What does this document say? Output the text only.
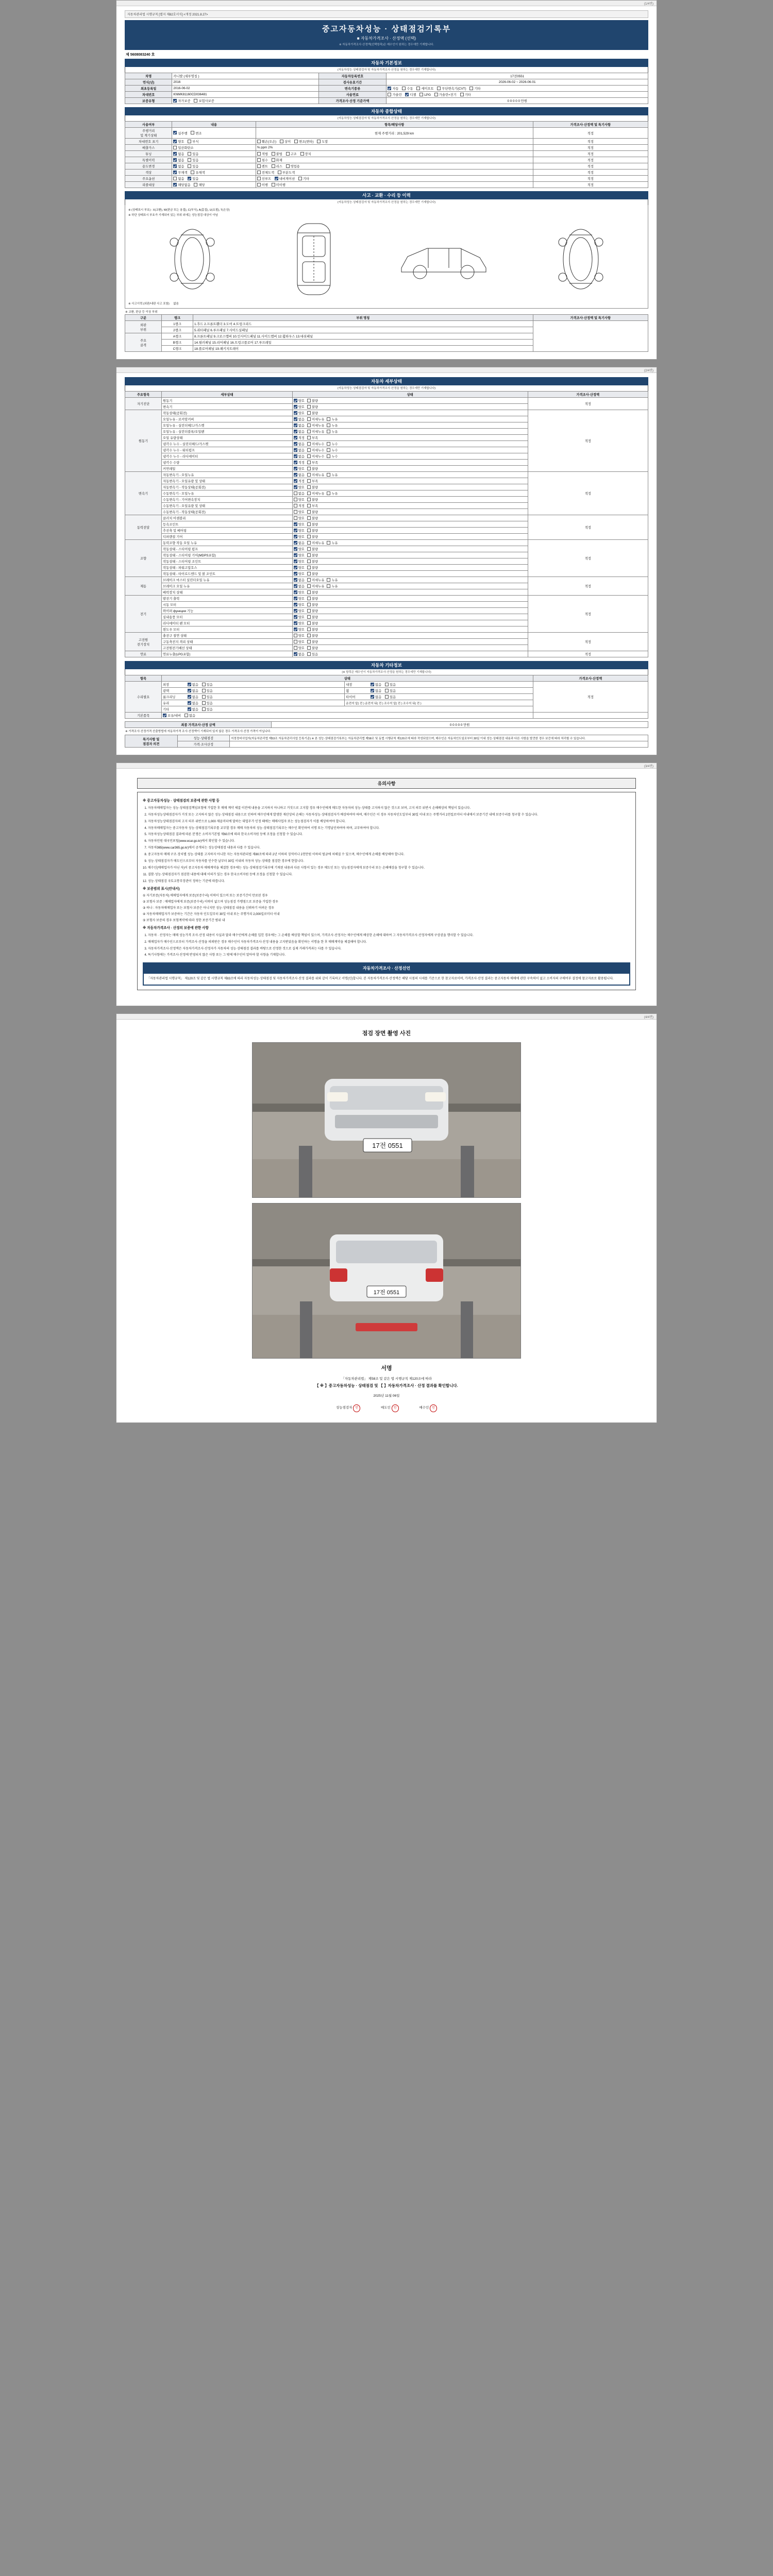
(1/4면)
자동차관리법 시행규칙 [별지 제82호서식] <개정 2021.8.27>
중고자동차성능 · 상태점검기록부
■ 자동차가격조사 · 산정액 (선택)
※ 자동차가격조사·산정액(선택항목)은 매수인이 원하는 경우에만 기재합니다.
제 5608083240 호
자동차 기본정보
(자동차성능·상태점검자 및 자동차가격조사·산정을 원하는 경우에만 기재합니다)
차명	카니발 (세부명칭 )	자동차등록번호	17전0551
연식(년)	2016	검사유효기간	2026-06-02 ~ 2026-06-01
최초등록일	2016-06-02	변속기종류	자동 수동 세미오토 무단변속기(CVT) 기타
차대번호	KNMK81160CD036481	사용연료	가솔린 디젤 LPG 가솔린+전기 기타
보증유형	자가보증 보험사보증	가격조사·산정 기준가액	0 0 0 0 0 만원
자동차 종합상태
(자동차성능·상태점검자 및 자동차가격조사·산정을 원하는 경우에만 기재합니다)
사용여부	내용	항목/해당사항	가격조사·산정액 및 특기사항
주행거리
및 계기상태	실주행 변조	현재 주행거리 : 201,529 km	적정
차대번호 표기	양호 부식	훼손(오손) 상이 변조(변타) 도말	적정
배출가스	일산화탄소	% ppm 2%	적정
튜닝	없음 있음	적법 불법 구조 장치	적정
특별이력	없음 있음	침수 화재	적정
용도변경	없음 있음	렌트 리스 영업용	적정
색상	무채색 유채색	전체도색 부분도색	적정
주요옵션	없음 있음	선루프 내비게이션 기타	적정
리콜대상	해당없음 해당	이행 미이행	적정
사고 · 교환 · 수리 등 이력
(자동차성능·상태점검자 및 자동차가격조사·산정을 원하는 경우에만 기재합니다)
※ (상태표시 부호) : X(교환), W(판금 또는 용접), C(부식), A(흠집), U(요철), T(손상)
※ 하단 상태표시 부호가 기재되어 있는 부위 외에는 성능점검 대상이 아님
※ 사고이력 (외판/내판 사고 포함) 없음
※ 교환, 판금 등 이상 부위
구분	랭크	부위 명칭	가격조사·산정액 및 특기사항
외판
부위	1랭크	1.후드 2.프론트휀더 3.도어 4.트렁크리드	
	2랭크	5.쿼터패널 6.루프패널 7.사이드실패널	
주요
골격	A랭크	8.프론트패널 9.크로스멤버 10.인사이드패널 11.사이드멤버 12.휠하우스 13.대쉬패널	
	B랭크	14.필러패널 15.리어패널 16.트렁크플로어 17.루프레일	
	C랭크	18.플로어패널 19.패키지트레이	
(2/4면)
자동차 세부상태
(자동차성능·상태점검자 및 자동차가격조사·산정을 원하는 경우에만 기재합니다)
주요항목	세부상태	상태	가격조사·산정액
자기진단	원동기	양호 불량	적정
	변속기	양호 불량	
원동기	작동상태(공회전)	양호 불량	적정
	오일누유 - 로커암커버	없음 미세누유 누유	
	오일누유 - 실린더헤드/가스켓	없음 미세누유 누유	
	오일누유 - 실린더블록/오일팬	없음 미세누유 누유	
	오일 유량상태	적정 부족	
	냉각수 누수 - 실린더헤드/가스켓	없음 미세누수 누수	
	냉각수 누수 - 워터펌프	없음 미세누수 누수	
	냉각수 누수 - 라디에이터	없음 미세누수 누수	
	냉각수 수량	적정 부족	
	커먼레일	양호 불량	
변속기	자동변속기 - 오일누유	없음 미세누유 누유	적정
	자동변속기 - 오일유량 및 상태	적정 부족	
	자동변속기 - 작동상태(공회전)	양호 불량	
	수동변속기 - 오일누유	없음 미세누유 누유	
	수동변속기 - 기어변속장치	양호 불량	
	수동변속기 - 오일유량 및 상태	적정 부족	
	수동변속기 - 작동상태(공회전)	양호 불량	
동력전달	클러치 어셈블리	양호 불량	적정
	등속조인트	양호 불량	
	추진축 및 베어링	양호 불량	
	디퍼렌셜 기어	양호 불량	
조향	동력조향 작동 오일 누유	없음 미세누유 누유	적정
	작동상태 - 스티어링 펌프	양호 불량	
	작동상태 - 스티어링 기어(MDPS포함)	양호 불량	
	작동상태 - 스티어링 조인트	양호 불량	
	작동상태 - 파워고압호스	양호 불량	
	작동상태 - 타이로드엔드 및 볼 조인트	양호 불량	
제동	브레이크 마스터 실린더오일 누유	없음 미세누유 누유	적정
	브레이크 오일 누유	없음 미세누유 누유	
	배력장치 상태	양호 불량	
전기	발전기 출력	양호 불량	적정
	시동 모터	양호 불량	
	와이퍼 функции 기능	양호 불량	
	실내송풍 모터	양호 불량	
	라디에이터 팬 모터	양호 불량	
	윈도우 모터	양호 불량	
고전원
전기장치	충전구 절연 상태	양호 불량	적정
	구동축전지 격리 상태	양호 불량	
	고전원전기배선 상태	양호 불량	
연료	연료누출(LPG포함)	없음 있음	적정
자동차 기타정보
(※ 항목은 매수인이 자동차가격조사·산정을 원하는 경우에만 기재합니다)
항목	상태		가격조사·산정액
수리필요	외장 없음 있음	내장 없음 있음	적정
	광택 없음 있음	휠 없음 있음	
	룸크리닝 없음 있음	타이어 없음 있음	
	유리 없음 있음	운전석 앞( 전 ) 운전석 뒤( 전 ) 조수석 앞( 전 ) 조수석 뒤( 전 )	
	기타 없음 있음		
기본품목	보유/내비 없음		
최종 가격조사·산정 금액	0 0 0 0 0 만원
※ 가격조사·산정가격 산출방법에 자동차가격 조사·산정액이 기재되어 있지 않은 경우 가격조사·산정 가격이 아닙니다.
특기사항 및
점검자 의견	성능·상태점검	지정정비사업자(자동차관리법 제53조 자동차관리사업 등록기준) ※ 본 성능·상태점검기록부는 자동차관리법 제58조 및 동법 시행규칙 제120조에 따라 작성되었으며, 매수인은 자동차인도일로부터 30일 이내 성능·상태점검 내용과 다른 사항을 발견한 경우 보증에 따라 처리할 수 있습니다.
	가격·조사산정	
(3/4면)
유의사항
※ 중고자동차성능 · 상태점검의 보증에 관한 사항 등
1. 자동차매매업자는 성능·상태점검책임보험에 가입한 후 매매 계약 체결 이전에 내용을 고지하지 아니하고 거짓으로 고지할 경우 매수인에게 매도한 자동차의 성능·상태를 고지하지 않은 것으로 보며, 고지 의무 위반시 손해배상의 책임이 있습니다.
2. 자동차성능상태점검자가 거짓 또는 고지하지 않은 성능·상태점검 내용으로 인하여 매수인에게 발생한 재산상의 손해는 자동차성능·상태점검자가 배상하여야 하며, 매수인은 이 경우 자동차인도일부터 30일 이내 또는 주행거리 2천킬로미터 이내에서 보증기간 내에 보증수리를 청구할 수 있습니다.
3. 자동차성능상태점검자의 고지 의무 위반으로 1,000 제곱미터에 달하는 대업무가 인정 때에는 매매사업자 또는 성능점검자가 이를 배상하여야 합니다.
4. 자동차매매업자는 중고자동차 성능·상태점검기록부를 교부할 경우 매매 자동차의 성능·상태점검기록부는 매수인 확인하여 서명 또는 기명날인하여야 하며, 교부하여야 합니다.
5. 자동차성능상태점검 결과에 따른 분쟁은 소비자기본법 제60조에 따라 한국소비자원 등에 조정을 신청할 수 있습니다.
6. 자동차민원 대국민포털(www.ecar.go.kr)에서 확인할 수 있습니다.
7. 자동차365(www.car365.go.kr)에서 공개되는 성능상태점검 내용과 다를 수 있습니다.
8. 중고자동차 매매 구조·장치별 성능·상태를 고지하지 아니한 자는 자동차관리법 제80조에 따라 2년 이하의 징역이나 2천만원 이하의 벌금에 처해질 수 있으며, 매수인에게 손해를 배상해야 합니다.
9. 성능·상태점검자가 매도인으로부터 자동차를 인수한 날부터 30일 이내의 자동차 성능·상태를 점검한 경우에 한합니다.
10. 매수인(매매업자가 아닌 자)이 중고자동차 매매계약을 체결한 경우에는 성능·상태점검기록부에 기재된 내용과 다른 사항이 있는 경우 매도인 또는 성능점검자에게 보증수리 또는 손해배상을 청구할 수 있습니다.
11. 결함·성능·상태점검자가 점검한 내용에 대해 이의가 있는 경우 한국소비자원 등에 조정을 신청할 수 있습니다.
12. 성능·상태점검 국토교통부장관이 정하는 기준에 따릅니다.
※ 보증범위 표시(안내서)
① 자기보증(자동차) 매매업자에게 보증(보증수리) 이력이 있으며 또는 보증기간이 만료된 경우
② 보험사 보증 : 매매업자에게 보증(보증수리) 이력이 없으며 성능점검 가맹점으로 보증을 가입한 경우
③ 하나 : 자동차매매업자 또는 보험사 보증은 아니지만 성능·상태점검 내용을 신뢰하기 어려운 경우
④ 자동차매매업자가 보증하는 기간은 자동차 인도일부터 30일 이내 또는 주행거리 2,000킬로미터 이내
⑤ 보험사 보증의 경우 보험계약에 따라 정한 보증기간 범위 내
※ 자동차가격조사 · 산정의 보증에 관한 사항
1. 자동차 · 산정자는 매매 성능가격 조사·산정 내용이 사실과 달라 매수인에게 손해를 입힌 경우에는 그 손해를 배상할 책임이 있으며, 가격조사·산정자는 매수인에게 배상한 손해에 대하여 그 자동차가격조사·산정자에게 구상권을 행사할 수 있습니다.
2. 매매업자가 매수인으로부터 가격조사·산정을 의뢰받은 경우 매수인이 자동차가격조사·산정 내용을 고지받았음을 확인하는 서명을 한 후 매매계약을 체결해야 합니다.
3. 자동차가격조사·산정액은 자동차가격조사·산정자가 자동차의 성능·상태점검 결과를 바탕으로 산정한 것으로 실제 거래가격과는 다를 수 있습니다.
4. 특기사항에는 가격조사·산정에 반영되지 않은 사항 또는 그 밖에 매수인이 알아야 할 사항을 기재합니다.
자동차가격조사 · 산정선언

「자동차관리법 시행규칙」 제120조 및 같은 법 시행규칙 제83조에 따라 자동차성능·상태점검 및 자동차가격조사·산정 결과를 위와 같이 기록하고 서명(인)합니다. 본 자동차가격조사·산정액은 해당 시점의 시세를 기준으로 한 참고자료이며, 가격조사·산정 결과는 중고자동차 매매에 관한 구속력이 없고 소비자의 구매여부 결정에 참고자료로 활용됩니다.

(4/4면)
점검 장면 촬영 사진
17전 0551
17전 0551
서명
「자동차관리법」 제58조 및 같은 법 시행규칙 제120조에 따라
【 ※ 】중고자동차성능 · 상태점검 및 【 】자동차가격조사 · 산정 결과를 확인합니다.
2025년 11월 06일
성능점검자 인	매도인 인	매수인 인
